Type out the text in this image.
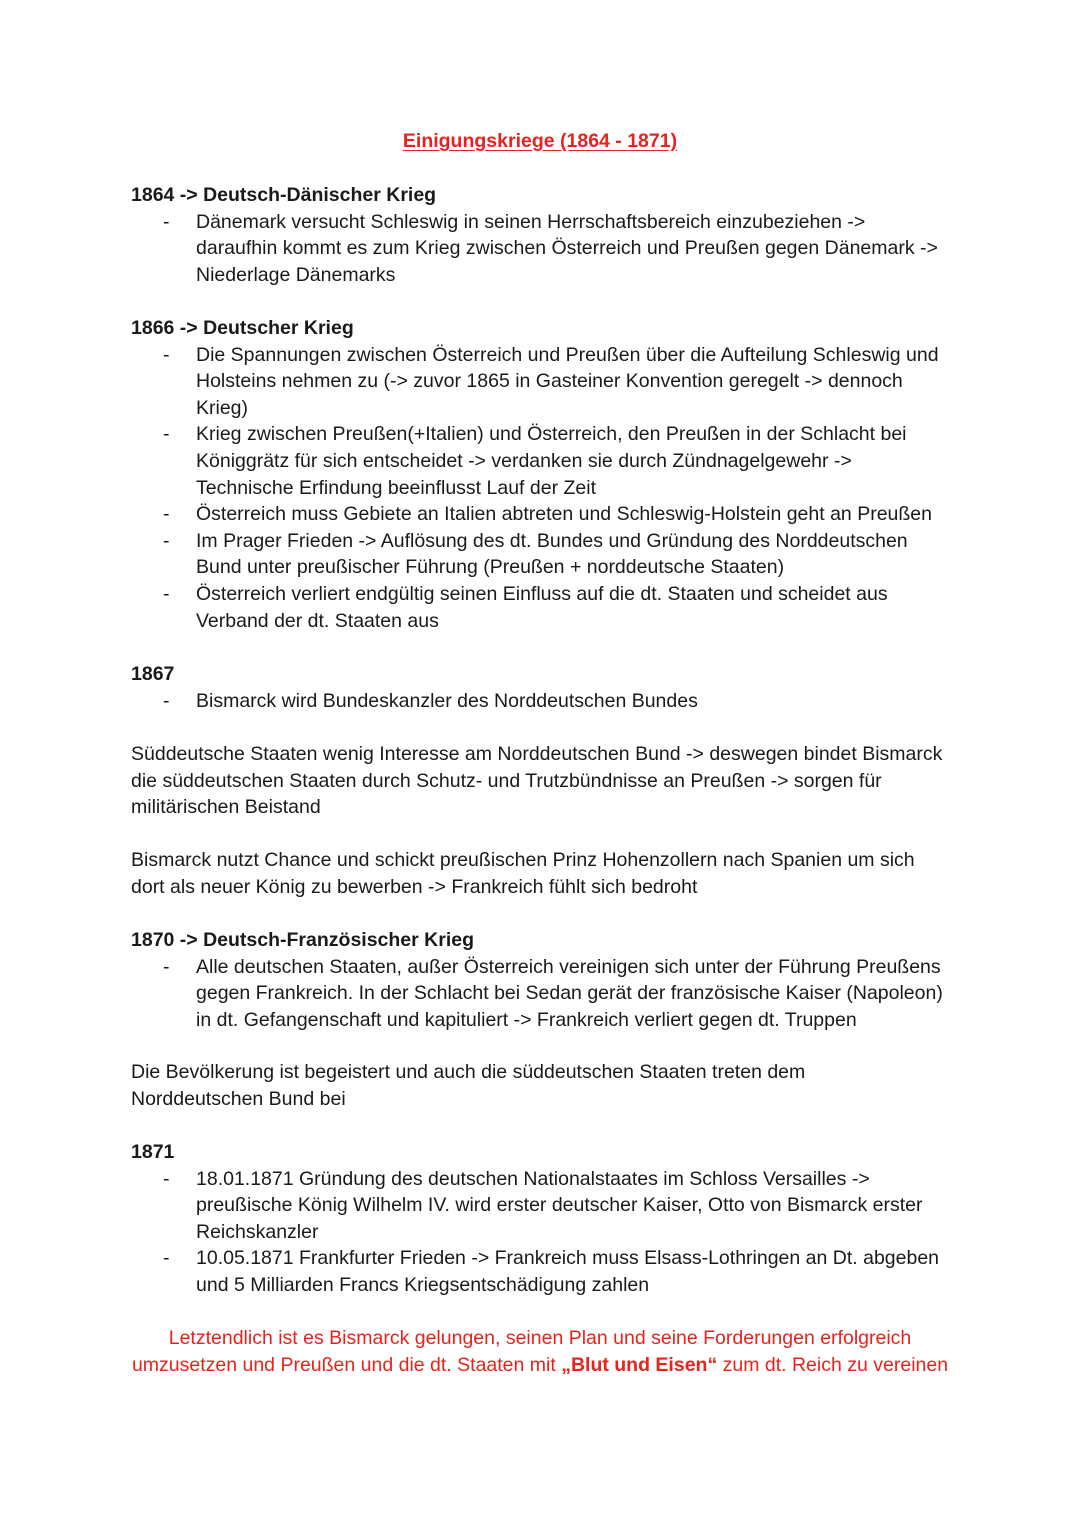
Einigungskriege (1864 - 1871)
1864 -> Deutsch-Dänischer Krieg
- Dänemark versucht Schleswig in seinen Herrschaftsbereich einzubeziehen ->
daraufhin kommt es zum Krieg zwischen Österreich und Preußen gegen Dänemark ->
Niederlage Dänemarks
1866 -> Deutscher Krieg
- Die Spannungen zwischen Österreich und Preußen über die Aufteilung Schleswig und
Holsteins nehmen zu (-> zuvor 1865 in Gasteiner Konvention geregelt -> dennoch
Krieg)
- Krieg zwischen Preußen(+Italien) und Österreich, den Preußen in der Schlacht bei
Königgrätz für sich entscheidet -> verdanken sie durch Zündnagelgewehr ->
Technische Erfindung beeinflusst Lauf der Zeit
- Österreich muss Gebiete an Italien abtreten und Schleswig-Holstein geht an Preußen
- Im Prager Frieden -> Auflösung des dt. Bundes und Gründung des Norddeutschen
Bund unter preußischer Führung (Preußen + norddeutsche Staaten)
- Österreich verliert endgültig seinen Einfluss auf die dt. Staaten und scheidet aus
Verband der dt. Staaten aus
1867
- Bismarck wird Bundeskanzler des Norddeutschen Bundes
Süddeutsche Staaten wenig Interesse am Norddeutschen Bund -> deswegen bindet Bismarck
die süddeutschen Staaten durch Schutz- und Trutzbündnisse an Preußen -> sorgen für
militärischen Beistand
Bismarck nutzt Chance und schickt preußischen Prinz Hohenzollern nach Spanien um sich
dort als neuer König zu bewerben -> Frankreich fühlt sich bedroht
1870 -> Deutsch-Französischer Krieg
- Alle deutschen Staaten, außer Österreich vereinigen sich unter der Führung Preußens
gegen Frankreich. In der Schlacht bei Sedan gerät der französische Kaiser (Napoleon)
in dt. Gefangenschaft und kapituliert -> Frankreich verliert gegen dt. Truppen
Die Bevölkerung ist begeistert und auch die süddeutschen Staaten treten dem
Norddeutschen Bund bei
1871
- 18.01.1871 Gründung des deutschen Nationalstaates im Schloss Versailles ->
preußische König Wilhelm IV. wird erster deutscher Kaiser, Otto von Bismarck erster
Reichskanzler
- 10.05.1871 Frankfurter Frieden -> Frankreich muss Elsass-Lothringen an Dt. abgeben
und 5 Milliarden Francs Kriegsentschädigung zahlen
Letztendlich ist es Bismarck gelungen, seinen Plan und seine Forderungen erfolgreich
umzusetzen und Preußen und die dt. Staaten mit „Blut und Eisen“ zum dt. Reich zu vereinen
